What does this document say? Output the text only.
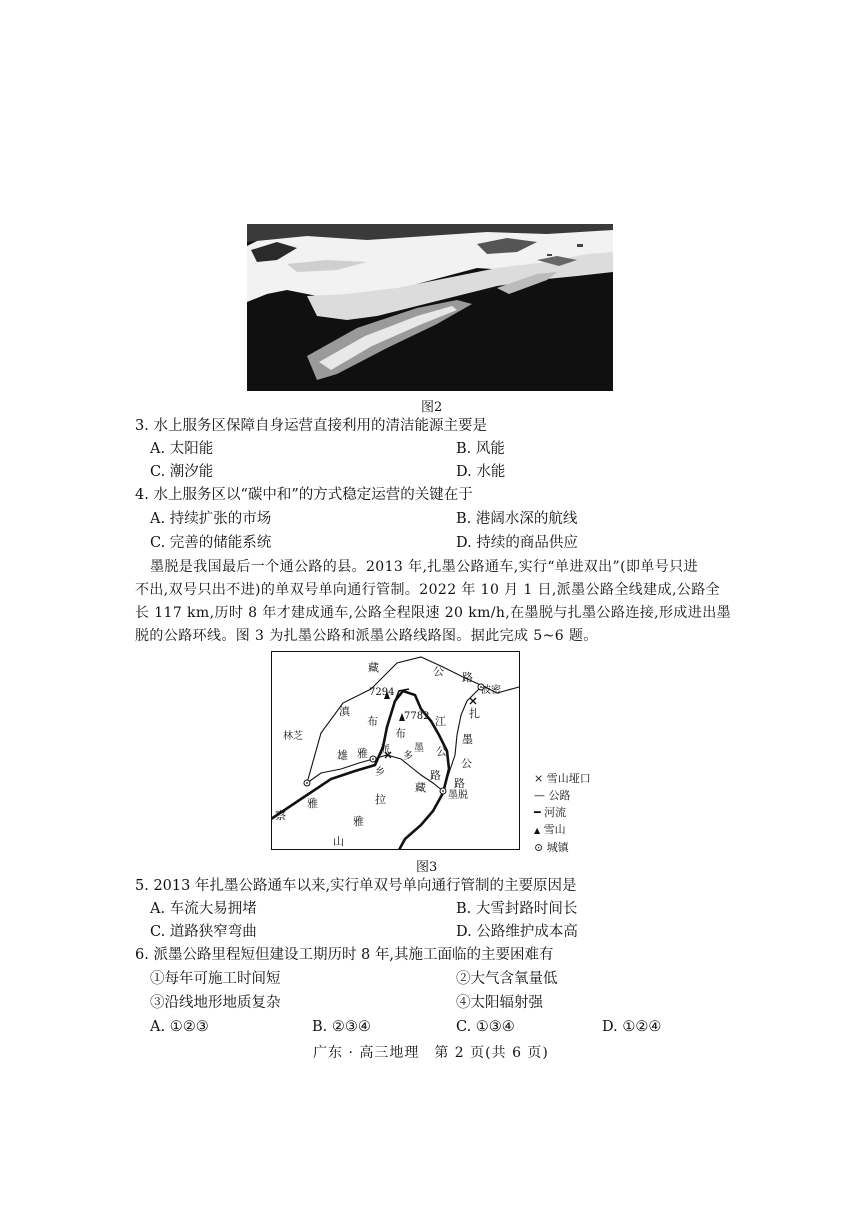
图2
3. 水上服务区保障自身运营直接利用的清洁能源主要是
A. 太阳能	B. 风能
C. 潮汐能	D. 水能
4. 水上服务区以“碳中和”的方式稳定运营的关键在于
A. 持续扩张的市场	B. 港阔水深的航线
C. 完善的储能系统	D. 持续的商品供应
墨脱是我国最后一个通公路的县。2013 年,扎墨公路通车,实行“单进双出”(即单号只进
不出,双号只出不进)的单双号单向通行管制。2022 年 10 月 1 日,派墨公路全线建成,公路全
长 117 km,历时 8 年才建成通车,公路全程限速 20 km/h,在墨脱与扎墨公路连接,形成进出墨
脱的公路环线。图 3 为扎墨公路和派墨公路线路图。据此完成 5~6 题。
藏	公 路
波密
7294
7782
滇
布	江
扎
墨
林芝
公
路
雅 派
乡
多
墨 公
路
墨脱
雅
藏
拉
雅
山
察
雄
布
× 雪山垭口
— 公路
━ 河流
▲ 雪山
⊙ 城镇
图3
5. 2013 年扎墨公路通车以来,实行单双号单向通行管制的主要原因是
A. 车流大易拥堵	B. 大雪封路时间长
C. 道路狭窄弯曲	D. 公路维护成本高
6. 派墨公路里程短但建设工期历时 8 年,其施工面临的主要困难有
①每年可施工时间短	②大气含氧量低
③沿线地形地质复杂	④太阳辐射强
A. ①②③	B. ②③④	C. ①③④	D. ①②④
广东 · 高三地理　第 2 页(共 6 页)
